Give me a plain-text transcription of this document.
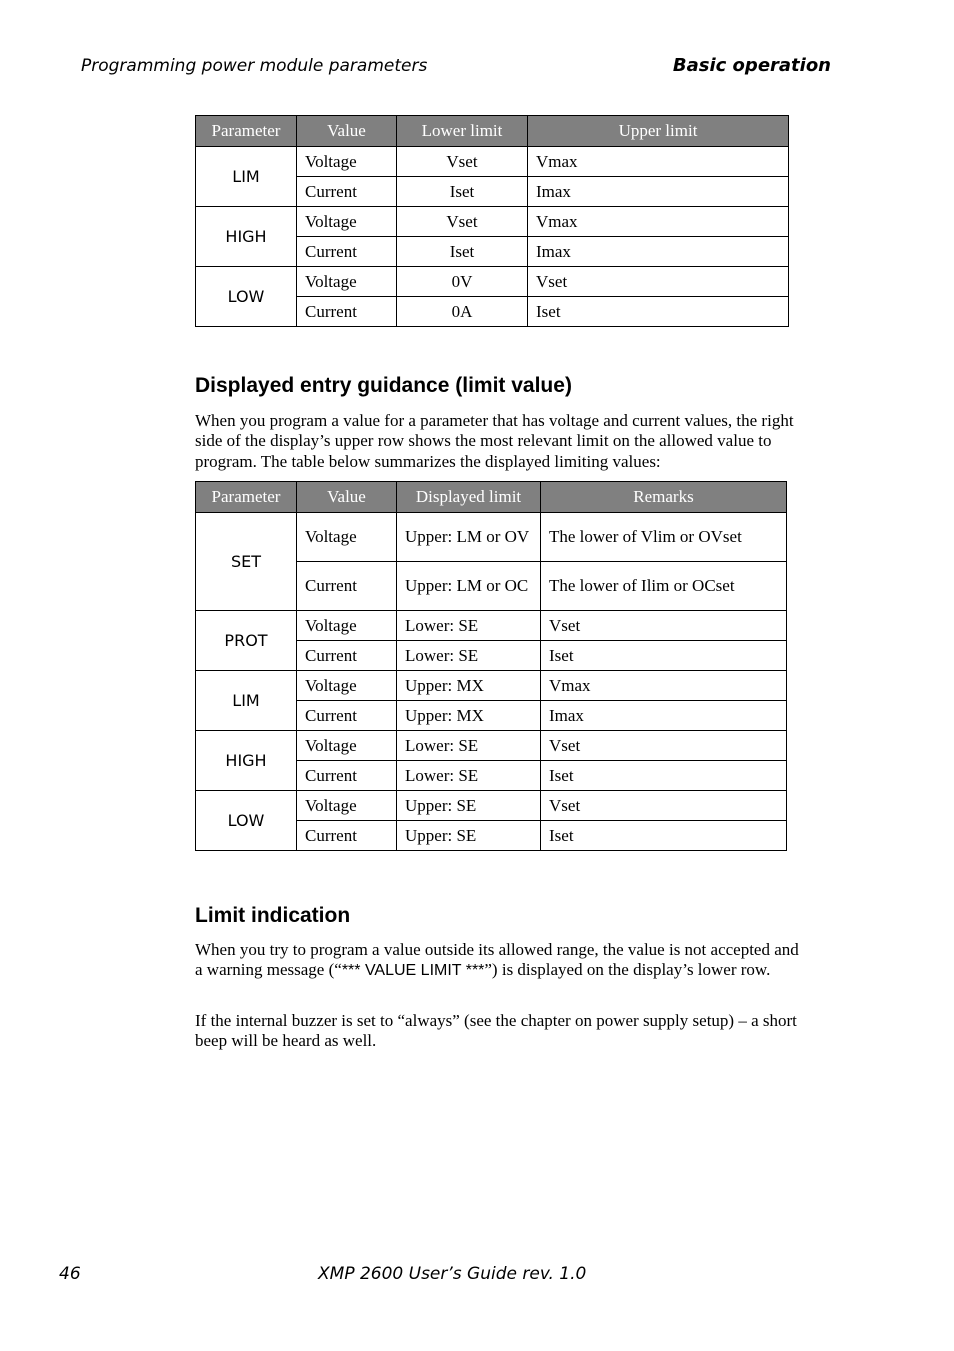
Programming power module parameters	Basic operation
Parameter	Value	Lower limit	Upper limit
LIM	Voltage	Vset	Vmax
	Current	Iset	Imax
HIGH	Voltage	Vset	Vmax
	Current	Iset	Imax
LOW	Voltage	0V	Vset
	Current	0A	Iset
Displayed entry guidance (limit value)

When you program a value for a parameter that has voltage and current values, the right side of the display’s upper row shows the most relevant limit on the allowed value to program. The table below summarizes the displayed limiting values:

Parameter	Value	Displayed limit	Remarks
SET	Voltage	Upper: LM or OV	The lower of Vlim or OVset
	Current	Upper: LM or OC	The lower of Ilim or OCset
PROT	Voltage	Lower: SE	Vset
	Current	Lower: SE	Iset
LIM	Voltage	Upper: MX	Vmax
	Current	Upper: MX	Imax
HIGH	Voltage	Lower: SE	Vset
	Current	Lower: SE	Iset
LOW	Voltage	Upper: SE	Vset
	Current	Upper: SE	Iset
Limit indication

When you try to program a value outside its allowed range, the value is not accepted and a warning message (“*** VALUE LIMIT ***”) is displayed on the display’s lower row.

If the internal buzzer is set to “always” (see the chapter on power supply setup) – a short beep will be heard as well.

46	XMP 2600 User’s Guide rev. 1.0
